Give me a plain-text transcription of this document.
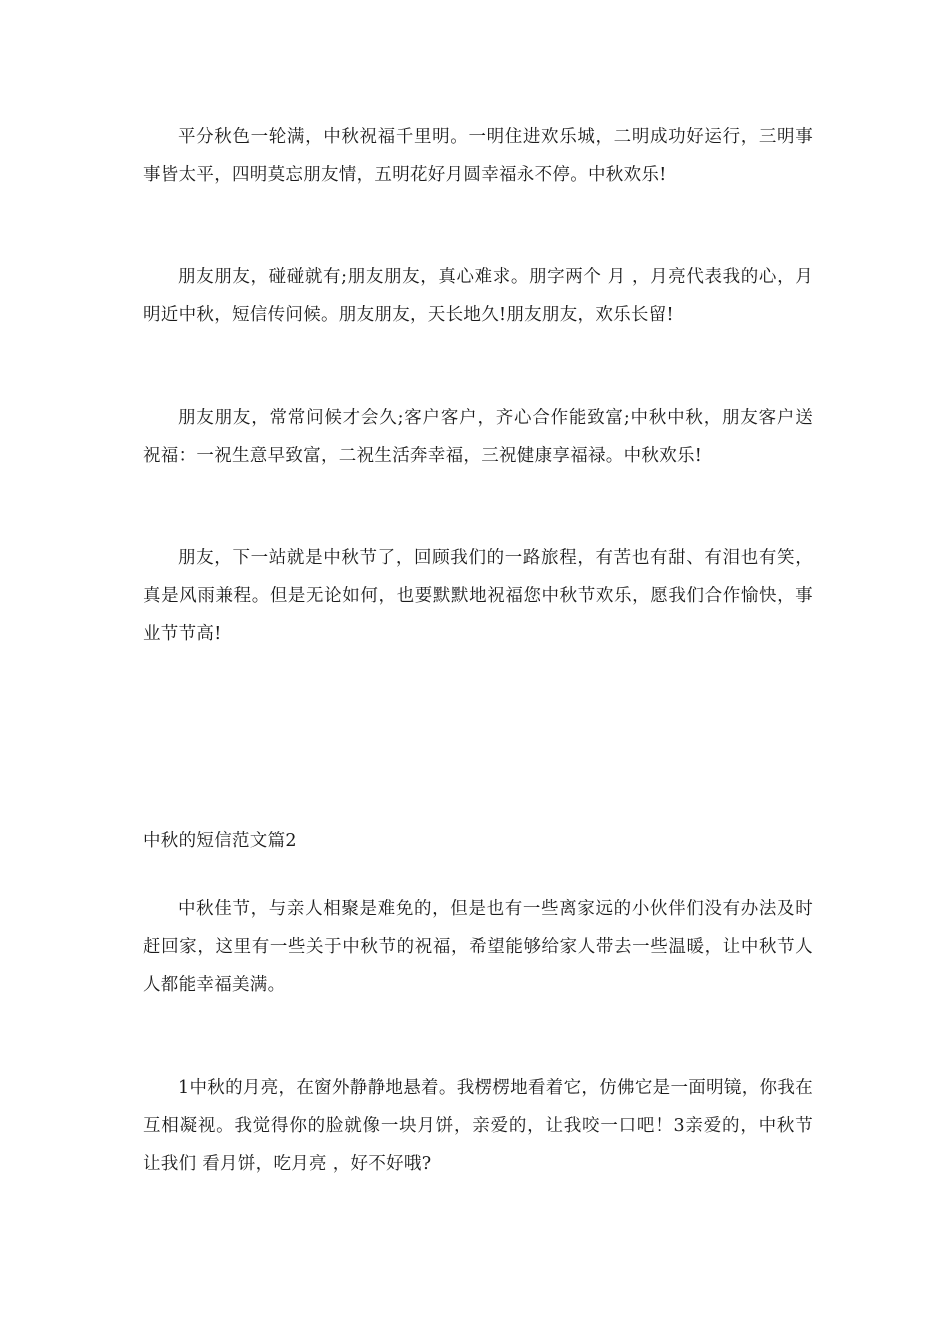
平分秋色一轮满，中秋祝福千里明。一明住进欢乐城，二明成功好运行，三明事事皆太平，四明莫忘朋友情，五明花好月圆幸福永不停。中秋欢乐!

朋友朋友，碰碰就有;朋友朋友，真心难求。朋字两个 月 ，月亮代表我的心，月明近中秋，短信传问候。朋友朋友，天长地久!朋友朋友，欢乐长留!

朋友朋友，常常问候才会久;客户客户，齐心合作能致富;中秋中秋，朋友客户送祝福：一祝生意早致富，二祝生活奔幸福，三祝健康享福禄。中秋欢乐!

朋友，下一站就是中秋节了，回顾我们的一路旅程，有苦也有甜、有泪也有笑，真是风雨兼程。但是无论如何，也要默默地祝福您中秋节欢乐，愿我们合作愉快，事业节节高!

中秋的短信范文篇2

中秋佳节，与亲人相聚是难免的，但是也有一些离家远的小伙伴们没有办法及时赶回家，这里有一些关于中秋节的祝福，希望能够给家人带去一些温暖，让中秋节人人都能幸福美满。

1中秋的月亮，在窗外静静地悬着。我楞楞地看着它，仿佛它是一面明镜，你我在互相凝视。我觉得你的脸就像一块月饼，亲爱的，让我咬一口吧！3亲爱的，中秋节让我们 看月饼，吃月亮 ，好不好哦?
